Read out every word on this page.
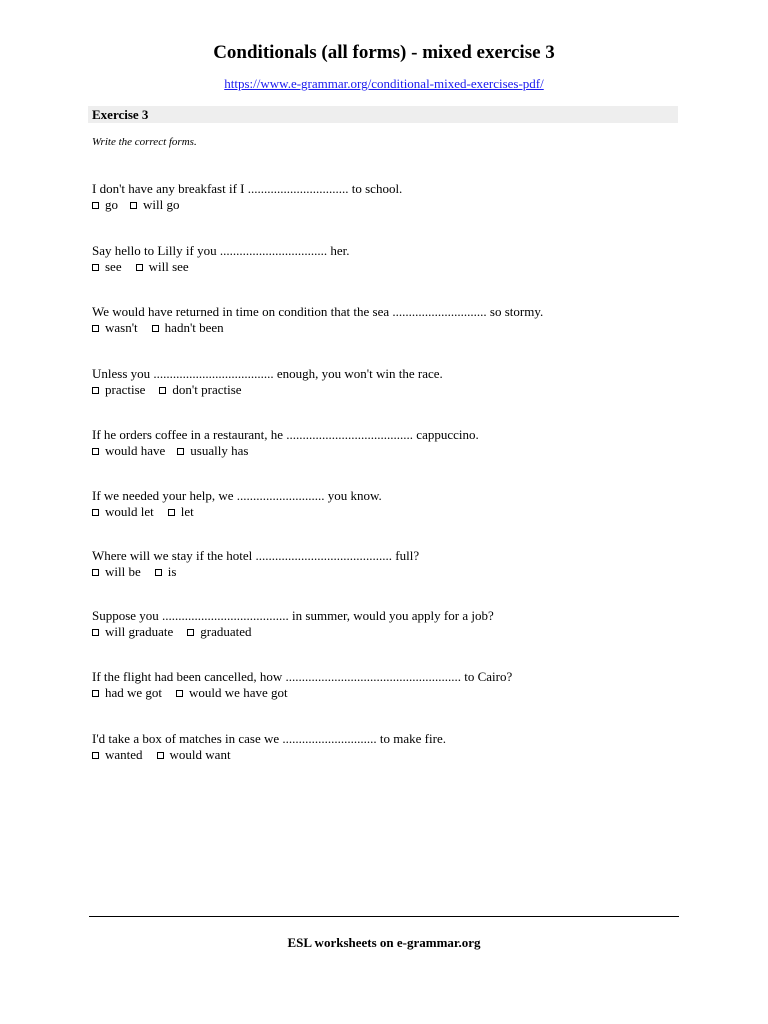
Conditionals (all forms) - mixed exercise 3
https://www.e-grammar.org/conditional-mixed-exercises-pdf/
Exercise 3
Write the correct forms.
I don't have any breakfast if I ............................... to school.
go will go
Say hello to Lilly if you ................................. her.
see will see
We would have returned in time on condition that the sea ............................. so stormy.
wasn't hadn't been
Unless you ..................................... enough, you won't win the race.
practise don't practise
If he orders coffee in a restaurant, he ....................................... cappuccino.
would have usually has
If we needed your help, we ........................... you know.
would let let
Where will we stay if the hotel .......................................... full?
will be is
Suppose you ....................................... in summer, would you apply for a job?
will graduate graduated
If the flight had been cancelled, how ...................................................... to Cairo?
had we got would we have got
I'd take a box of matches in case we ............................. to make fire.
wanted would want
ESL worksheets on e-grammar.org
